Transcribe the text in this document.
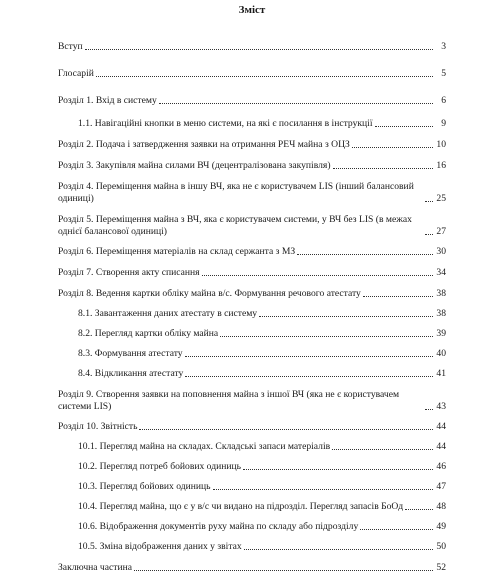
Зміст
Вступ	3
Глосарій	5
Розділ 1. Вхід в систему	6
1.1. Навігаційні кнопки в меню системи, на які є посилання в інструкції	9
Розділ 2. Подача і затвердження заявки на отримання РЕЧ майна з ОЦЗ	10
Розділ 3. Закупівля майна силами ВЧ (децентралізована закупівля)	16
Розділ 4. Переміщення майна в іншу ВЧ, яка не є користувачем LIS (інший балансовий одиниці)	25
Розділ 5. Переміщення майна з ВЧ, яка є користувачем системи, у ВЧ без LIS (в межах однієї балансової одиниці)	27
Розділ 6. Переміщення матеріалів на склад сержанта з МЗ	30
Розділ 7. Створення акту списання	34
Розділ 8. Ведення картки обліку майна в/с. Формування речового атестату	38
8.1. Завантаження даних атестату в систему	38
8.2. Перегляд картки обліку майна	39
8.3. Формування атестату	40
8.4. Відкликання атестату	41
Розділ 9. Створення заявки на поповнення майна з іншої ВЧ (яка не є користувачем системи LIS)	43
Розділ 10. Звітність	44
10.1. Перегляд майна на складах. Складські запаси матеріалів	44
10.2. Перегляд потреб бойових одиниць	46
10.3. Перегляд бойових одиниць	47
10.4. Перегляд майна, що є у в/с чи видано на підрозділ. Перегляд запасів БоОд	48
10.6. Відображення документів руху майна по складу або підрозділу	49
10.5. Зміна відображення даних у звітах	50
Заключна частина	52
